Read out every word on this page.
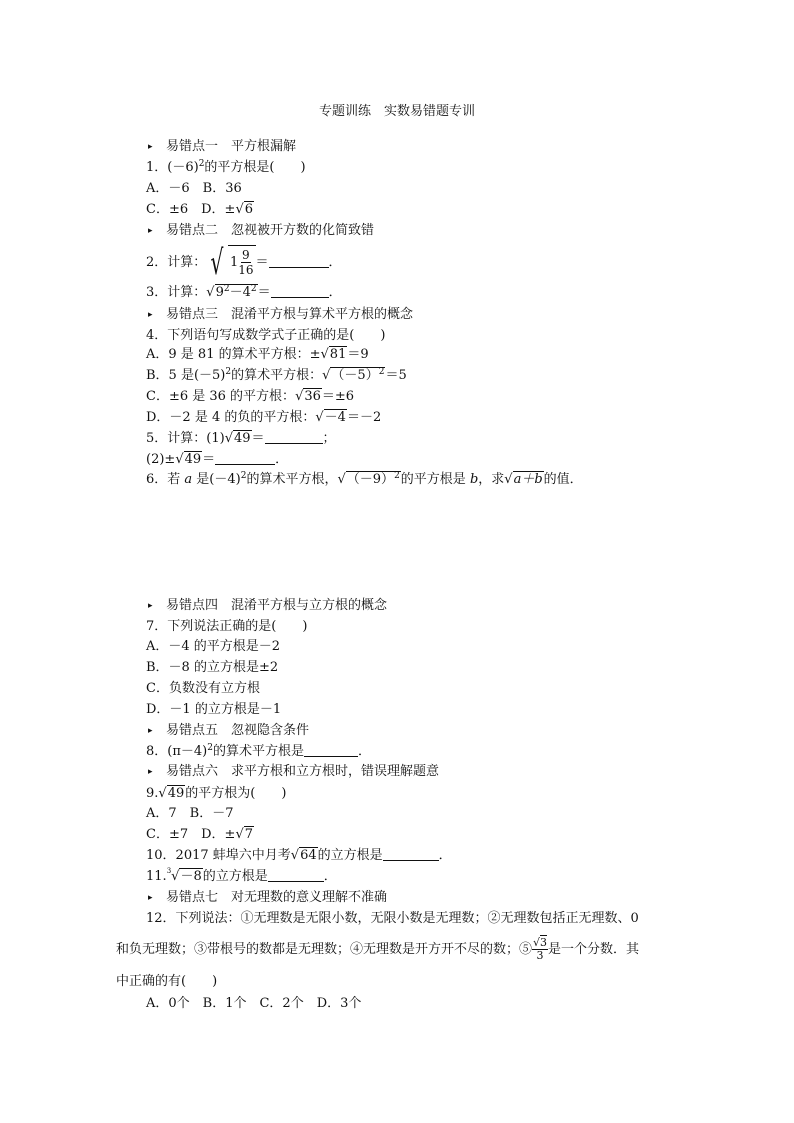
专题训练　实数易错题专训
▸ 易错点一　平方根漏解
1．$(-6)^2$的平方根是(　　)
A．－6　B．36
C．±6　D．±√6
▸ 易错点二　忽视被开方数的化简致错
2．计算： √ $1 \frac{9}{16}$ ＝	．
3．计算：$√9^2-4^2=$	．
▸ 易错点三　混淆平方根与算术平方根的概念
4．下列语句写成数学式子正确的是(　　)
A．9 是 81 的算术平方根：±√81＝9
B．5 是$(-5)^2$的算术平方根：$√(-5)^2=5$
C．±6 是 36 的平方根：√36＝±6
D．－2 是 4 的负的平方根：√－4＝－2
5．计算：(1)√49＝	；
(2)±√49＝	．
6．若 a 是$(-4)^2$的算术平方根，$√(-9)^2$的平方根是 b，求√a＋b的值．
▸ 易错点四　混淆平方根与立方根的概念
7．下列说法正确的是(　　)
A．－4 的平方根是－2
B．－8 的立方根是±2
C．负数没有立方根
D．－1 的立方根是－1
▸ 易错点五　忽视隐含条件
8．$(\pi-4)^2$的算术平方根是	．
▸ 易错点六　求平方根和立方根时，错误理解题意
9.√49的平方根为(　　)
A．7　B．－7
C．±7　D．±√7
10．2017 蚌埠六中月考√64的立方根是	．
11.$^3$√－8的立方根是	．
▸ 易错点七　对无理数的意义理解不准确
12．下列说法：①无理数是无限小数，无限小数是无理数；②无理数包括正无理数、0
和负无理数；③带根号的数都是无理数；④无理数是开方开不尽的数；⑤ $\frac{√3}{3}$ 是一个分数．其
中正确的有(　　)
A．0个　B．1个　C．2个　D．3个
